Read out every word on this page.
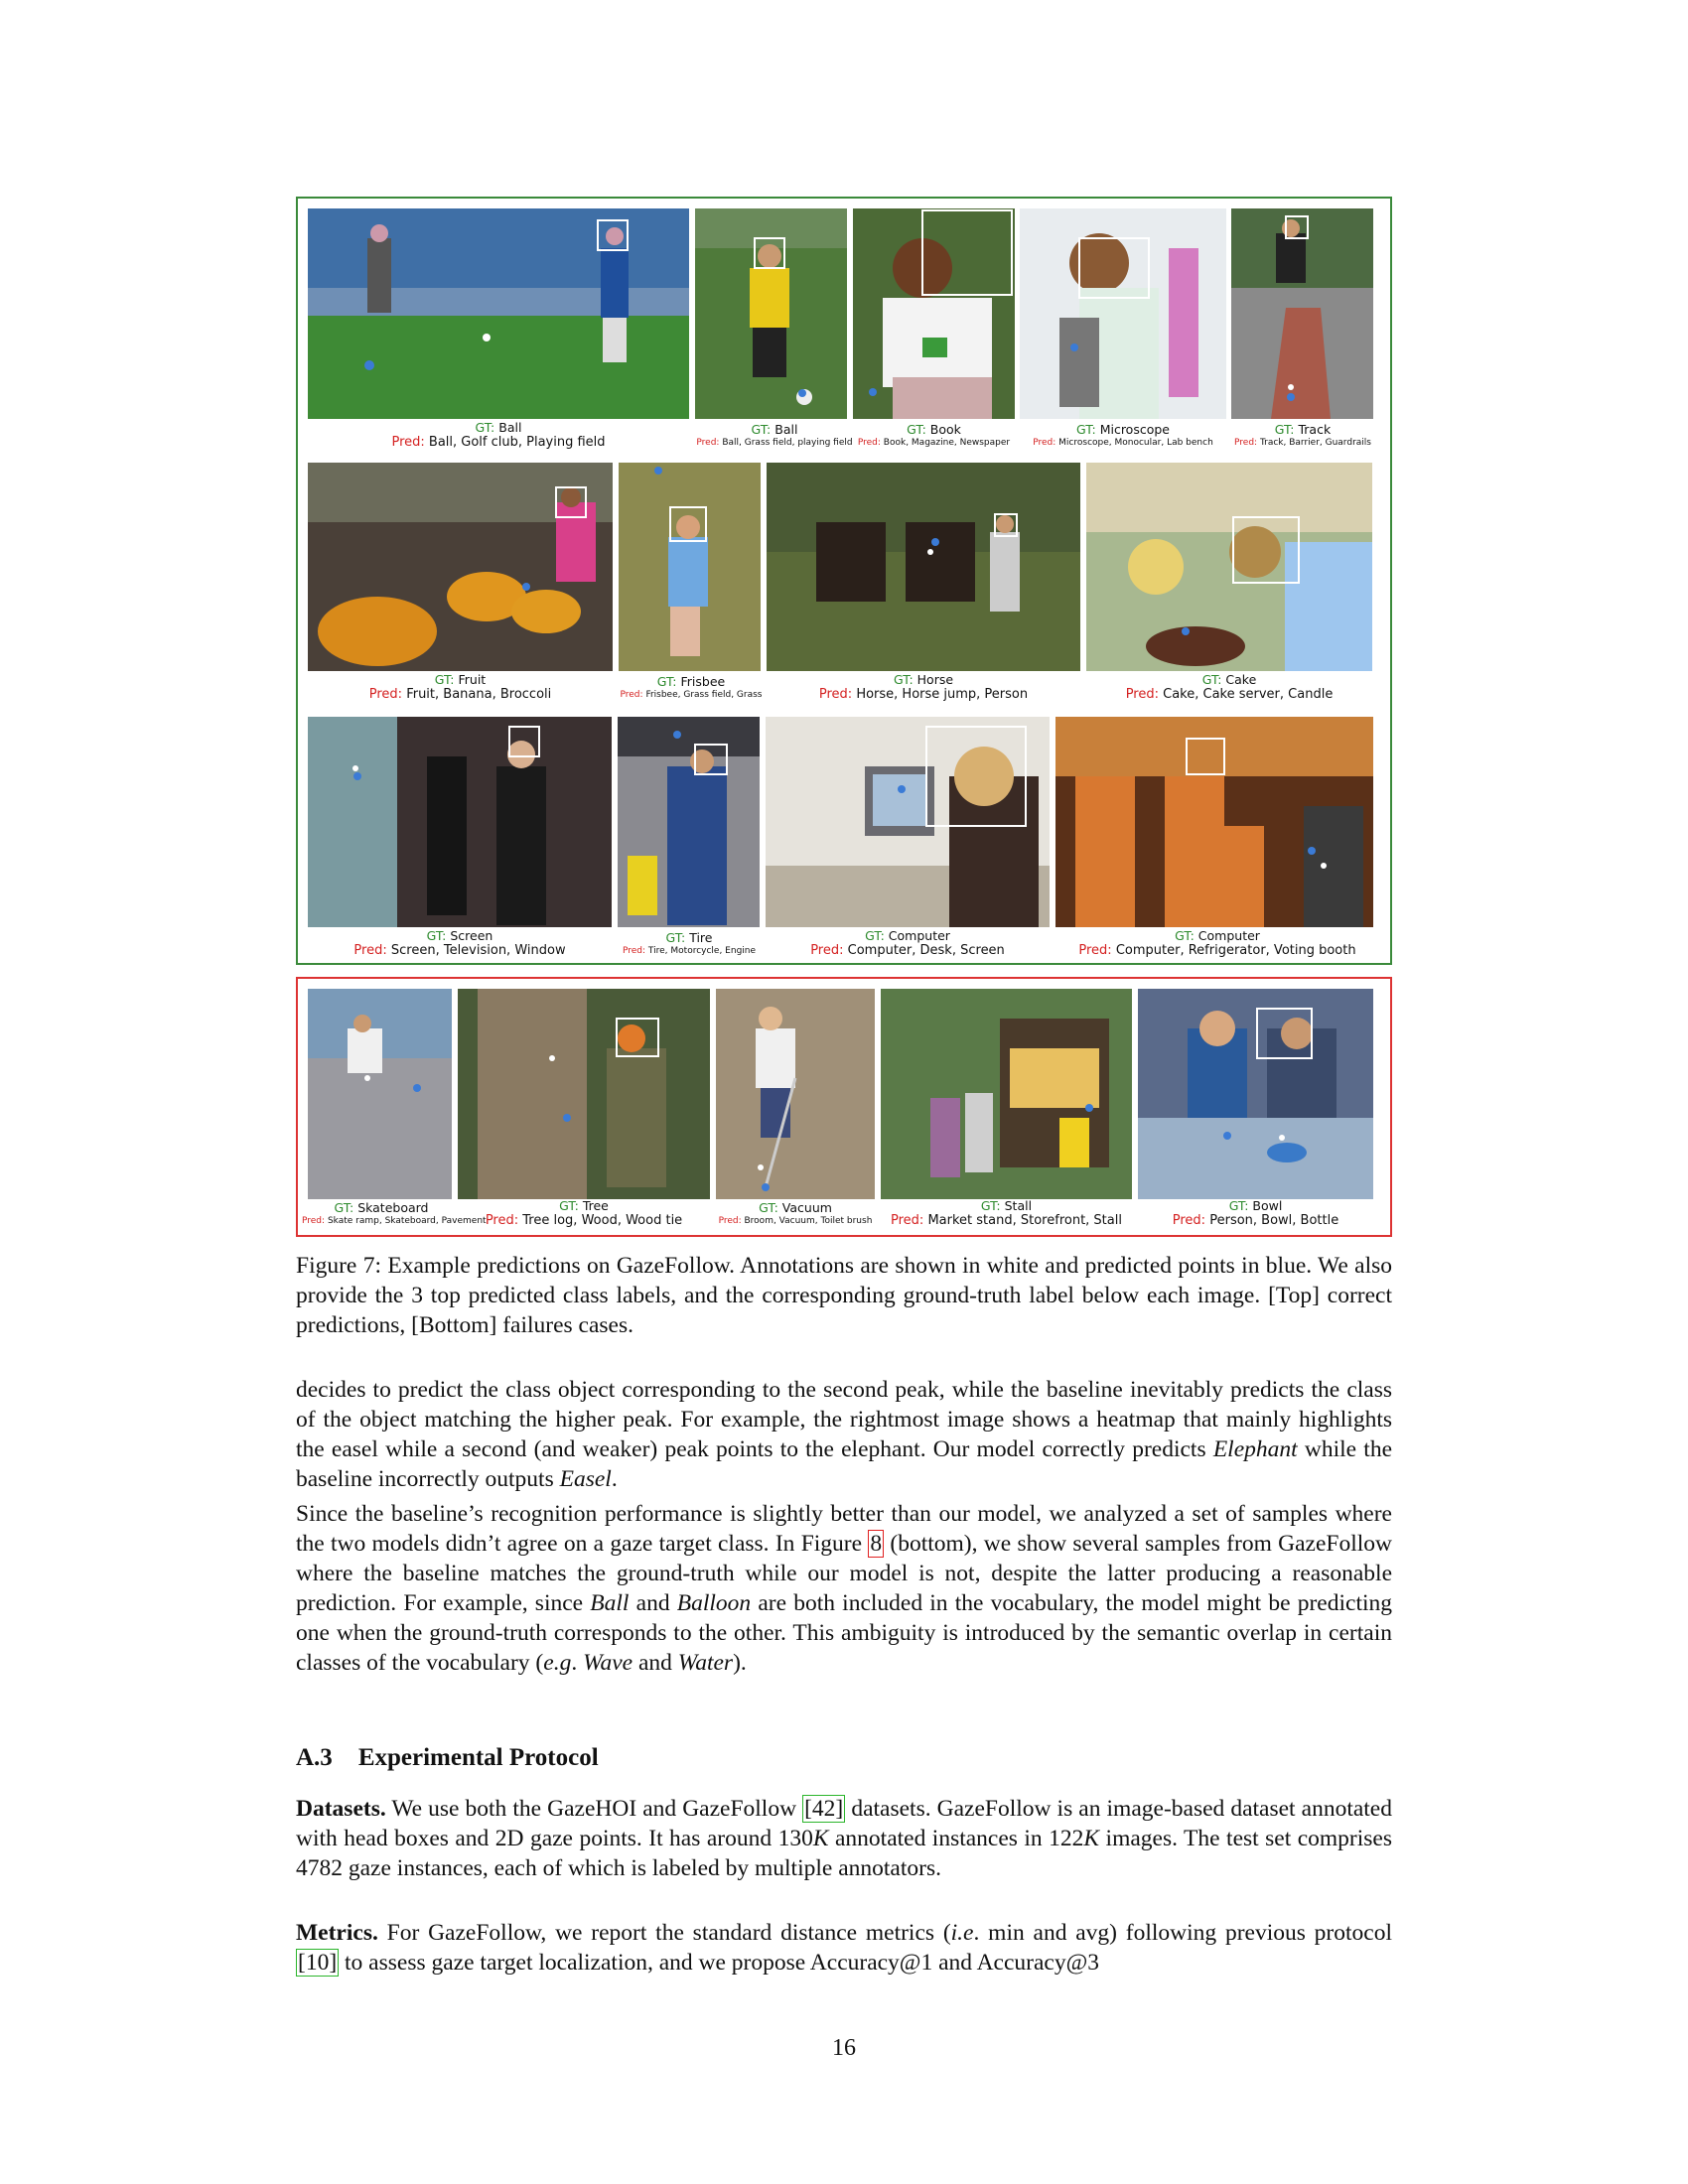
GT: Ball
Pred: Ball, Golf club, Playing field
GT: Ball
Pred: Ball, Grass field, playing field
GT: Book
Pred: Book, Magazine, Newspaper
GT: Microscope
Pred: Microscope, Monocular, Lab bench
GT: Track
Pred: Track, Barrier, Guardrails
GT: Fruit
Pred: Fruit, Banana, Broccoli
GT: Frisbee
Pred: Frisbee, Grass field, Grass
GT: Horse
Pred: Horse, Horse jump, Person
GT: Cake
Pred: Cake, Cake server, Candle
GT: Screen
Pred: Screen, Television, Window
GT: Tire
Pred: Tire, Motorcycle, Engine
GT: Computer
Pred: Computer, Desk, Screen
GT: Computer
Pred: Computer, Refrigerator, Voting booth
GT: Skateboard
Pred: Skate ramp, Skateboard, Pavement
GT: Tree
Pred: Tree log, Wood, Wood tie
GT: Vacuum
Pred: Broom, Vacuum, Toilet brush
GT: Stall
Pred: Market stand, Storefront, Stall
GT: Bowl
Pred: Person, Bowl, Bottle

Figure 7: Example predictions on GazeFollow. Annotations are shown in white and predicted points in blue. We also provide the 3 top predicted class labels, and the corresponding ground-truth label below each image. [Top] correct predictions, [Bottom] failures cases.

decides to predict the class object corresponding to the second peak, while the baseline inevitably predicts the class of the object matching the higher peak. For example, the rightmost image shows a heatmap that mainly highlights the easel while a second (and weaker) peak points to the elephant. Our model correctly predicts Elephant while the baseline incorrectly outputs Easel.

Since the baseline’s recognition performance is slightly better than our model, we analyzed a set of samples where the two models didn’t agree on a gaze target class. In Figure 8 (bottom), we show several samples from GazeFollow where the baseline matches the ground-truth while our model is not, despite the latter producing a reasonable prediction. For example, since Ball and Balloon are both included in the vocabulary, the model might be predicting one when the ground-truth corresponds to the other. This ambiguity is introduced by the semantic overlap in certain classes of the vocabulary (e.g. Wave and Water).

A.3 Experimental Protocol

Datasets. We use both the GazeHOI and GazeFollow [42] datasets. GazeFollow is an image-based dataset annotated with head boxes and 2D gaze points. It has around 130K annotated instances in 122K images. The test set comprises 4782 gaze instances, each of which is labeled by multiple annotators.

Metrics. For GazeFollow, we report the standard distance metrics (i.e. min and avg) following previous protocol [10] to assess gaze target localization, and we propose Accuracy@1 and Accuracy@3

16
